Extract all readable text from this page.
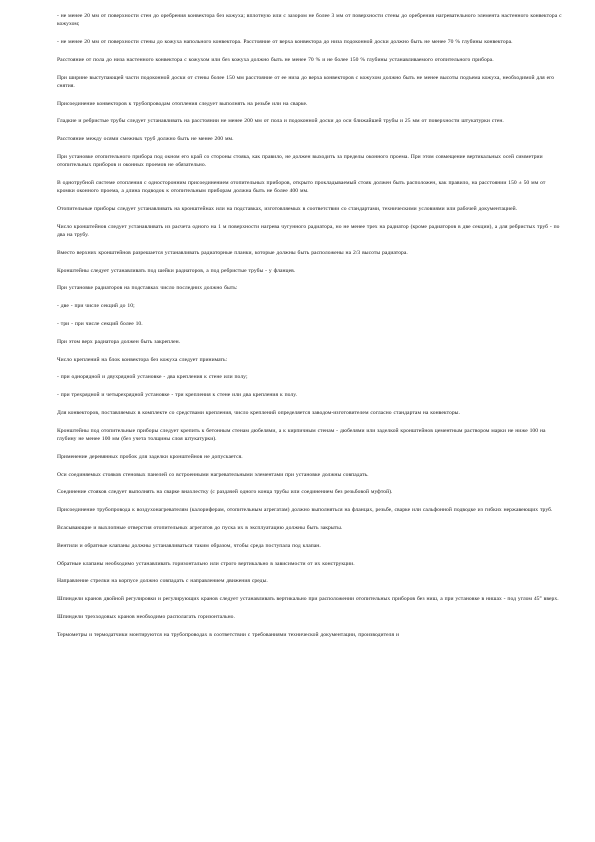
- не менее 20 мм от поверхности стен до оребрения конвектора без кожуха; вплотную или с зазором не более 3 мм от поверхности стены до оребрения нагревательного элемента настенного конвектора с кожухом;

- не менее 20 мм от поверхности стены до кожуха напольного конвектора. Расстояние от верха конвектора до низа подоконной доски должно быть не менее 70 % глубины конвектора.

Расстояние от пола до низа настенного конвектора с кожухом или без кожуха должно быть не менее 70 % и не более 150 % глубины устанавливаемого отопительного прибора.

При ширине выступающей части подоконной доски от стены более 150 мм расстояние от ее низа до верха конвекторов с кожухом должно быть не менее высоты подъема кожуха, необходимой для его снятия.

Присоединение конвекторов к трубопроводам отопления следует выполнять на резьбе или на сварке.

Гладкие и ребристые трубы следует устанавливать на расстоянии не менее 200 мм от пола и подоконной доски до оси ближайшей трубы и 25 мм от поверхности штукатурки стен.

Расстояние между осями смежных труб должно быть не менее 200 мм.

При установке отопительного прибора под окном его край со стороны стояка, как правило, не должен выходить за пределы оконного проема. При этом совмещение вертикальных осей симметрии отопительных приборов и оконных проемов не обязательно.

В однотрубной системе отопления с односторонним присоединением отопительных приборов, открыто прокладываемый стояк должен быть расположен, как правило, на расстоянии 150 ± 50 мм от кромки оконного проема, а длина подводок к отопительным приборам должна быть не более 400 мм.

Отопительные приборы следует устанавливать на кронштейнах или на подставках, изготовляемых в соответствии со стандартами, техническими условиями или рабочей документацией.

Число кронштейнов следует устанавливать из расчета одного на 1 м поверхности нагрева чугунного радиатора, но не менее трех на радиатор (кроме радиаторов в две секции), а для ребристых труб - по два на трубу.

Вместо верхних кронштейнов разрешается устанавливать радиаторные планки, которые должны быть расположены на 2/3 высоты радиатора.

Кронштейны следует устанавливать под шейки радиаторов, а под ребристые трубы - у фланцев.

При установке радиаторов на подставках число последних должно быть:

- две - при числе секций до 10;

- три - при числе секций более 10.

При этом верх радиатора должен быть закреплен.

Число креплений на блок конвектора без кожуха следует принимать:

- при однорядной и двухрядной установке - два крепления к стене или полу;

- при трехрядной и четырехрядной установке - три крепления к стене или два крепления к полу.

Для конвекторов, поставляемых в комплекте со средствами крепления, число креплений определяется заводом-изготовителем согласно стандартам на конвекторы.

Кронштейны под отопительные приборы следует крепить к бетонным стенам дюбелями, а к кирпичным стенам - дюбелями или заделкой кронштейнов цементным раствором марки не ниже 100 на глубину не менее 100 мм (без учета толщины слоя штукатурки).

Применение деревянных пробок для заделки кронштейнов не допускается.

Оси соединяемых стояков стеновых панелей со встроенными нагревательными элементами при установке должны совпадать.

Соединение стояков следует выполнять на сварке внахлестку (с раздачей одного конца трубы или соединением без резьбовой муфтой).

Присоединение трубопровода к воздухонагревателям (калориферам, отопительным агрегатам) должно выполняться на фланцах, резьбе, сварке или сальфонной подводке из гибких нержавеющих труб.

Всасывающие и выхлопные отверстия отопительных агрегатов до пуска их в эксплуатацию должны быть закрыты.

Вентили и обратные клапаны должны устанавливаться таким образом, чтобы среда поступала под клапан.

Обратные клапаны необходимо устанавливать горизонтально или строго вертикально в зависимости от их конструкции.

Направление стрелки на корпусе должно совпадать с направлением движения среды.

Шпиндели кранов двойной регулировки и регулирующих кранов следует устанавливать вертикально при расположении отопительных приборов без ниш, а при установке в нишах - под углом 45° вверх.

Шпиндели трехходовых кранов необходимо располагать горизонтально.

Термометры и термодатчики монтируются на трубопроводах в соответствии с требованиями технической документации, производителя и
